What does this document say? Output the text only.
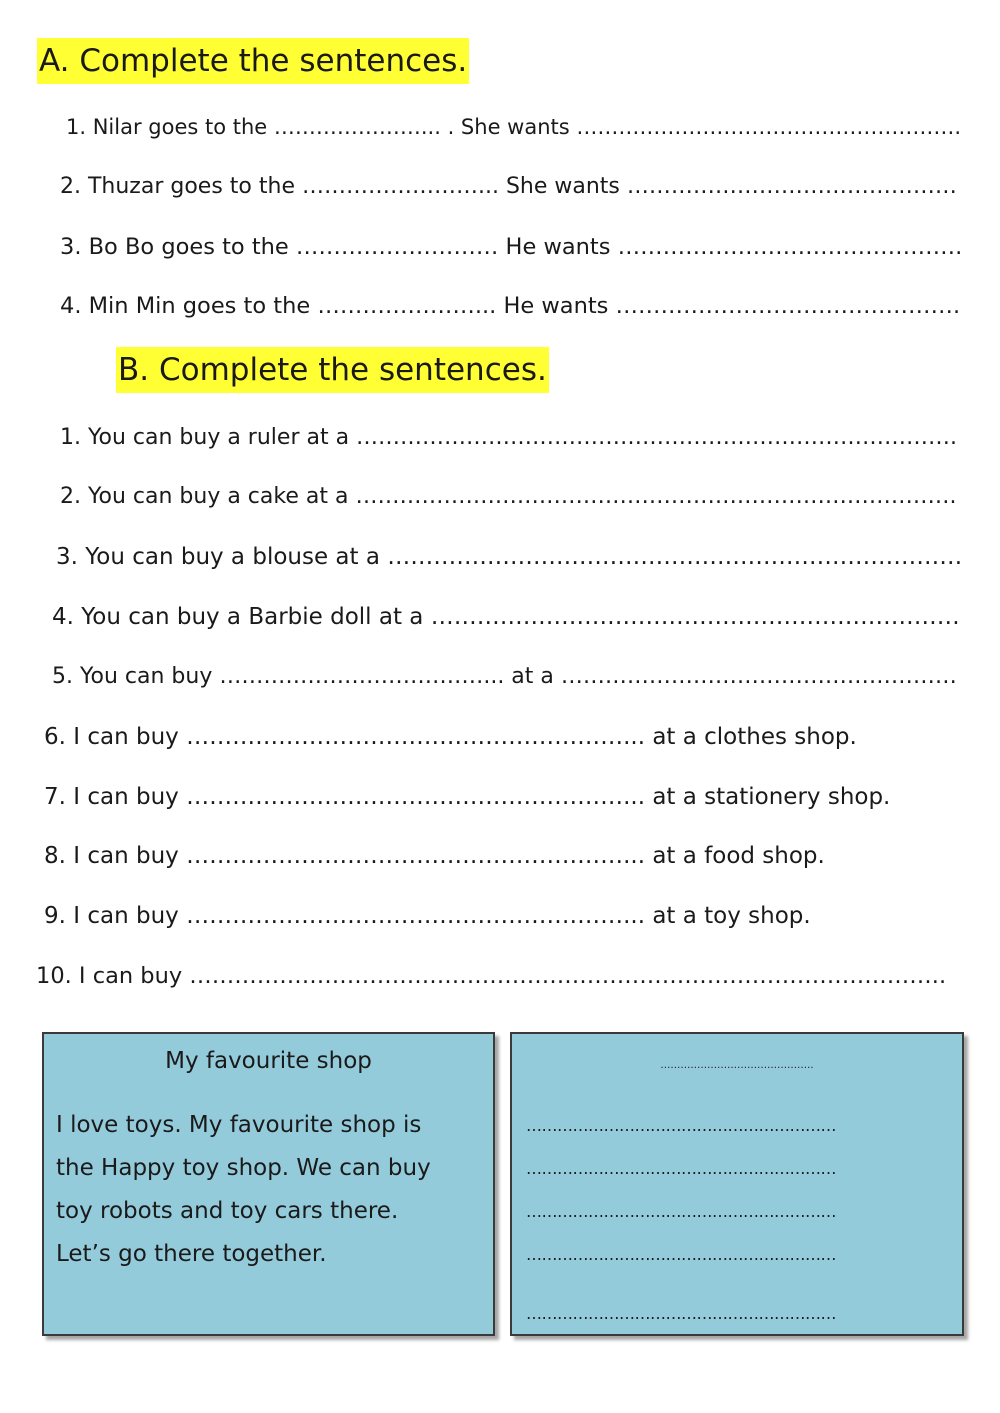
A. Complete the sentences.
1. Nilar goes to the …………………... . She wants ……………………………………………….
2. Thuzar goes to the ……………………... She wants ………………………………………
3. Bo Bo goes to the ……………………… He wants ……………………………………….
4. Min Min goes to the …………………... He wants ……………………………………….
B. Complete the sentences.
1. You can buy a ruler at a ……………………………………………………………………….
2. You can buy a cake at a ……………………………………………………………………….
3. You can buy a blouse at a …………………………………………………………………
4. You can buy a Barbie doll at a ……………………………………………………………
5. You can buy ………………………………... at a ………………………………………………
6. I can buy …………………………………………………... at a clothes shop.
7. I can buy …………………………………………………... at a stationery shop.
8. I can buy …………………………………………………... at a food shop.
9. I can buy …………………………………………………... at a toy shop.
10. I can buy ………………………………………………………………………………………..
My favourite shop
I love toys. My favourite shop is
the Happy toy shop. We can buy
toy robots and toy cars there.
Let’s go there together.
……………………………………….
……………………………………………………
……………………………………………………
……………………………………………………
……………………………………………………
……………………………………………………
